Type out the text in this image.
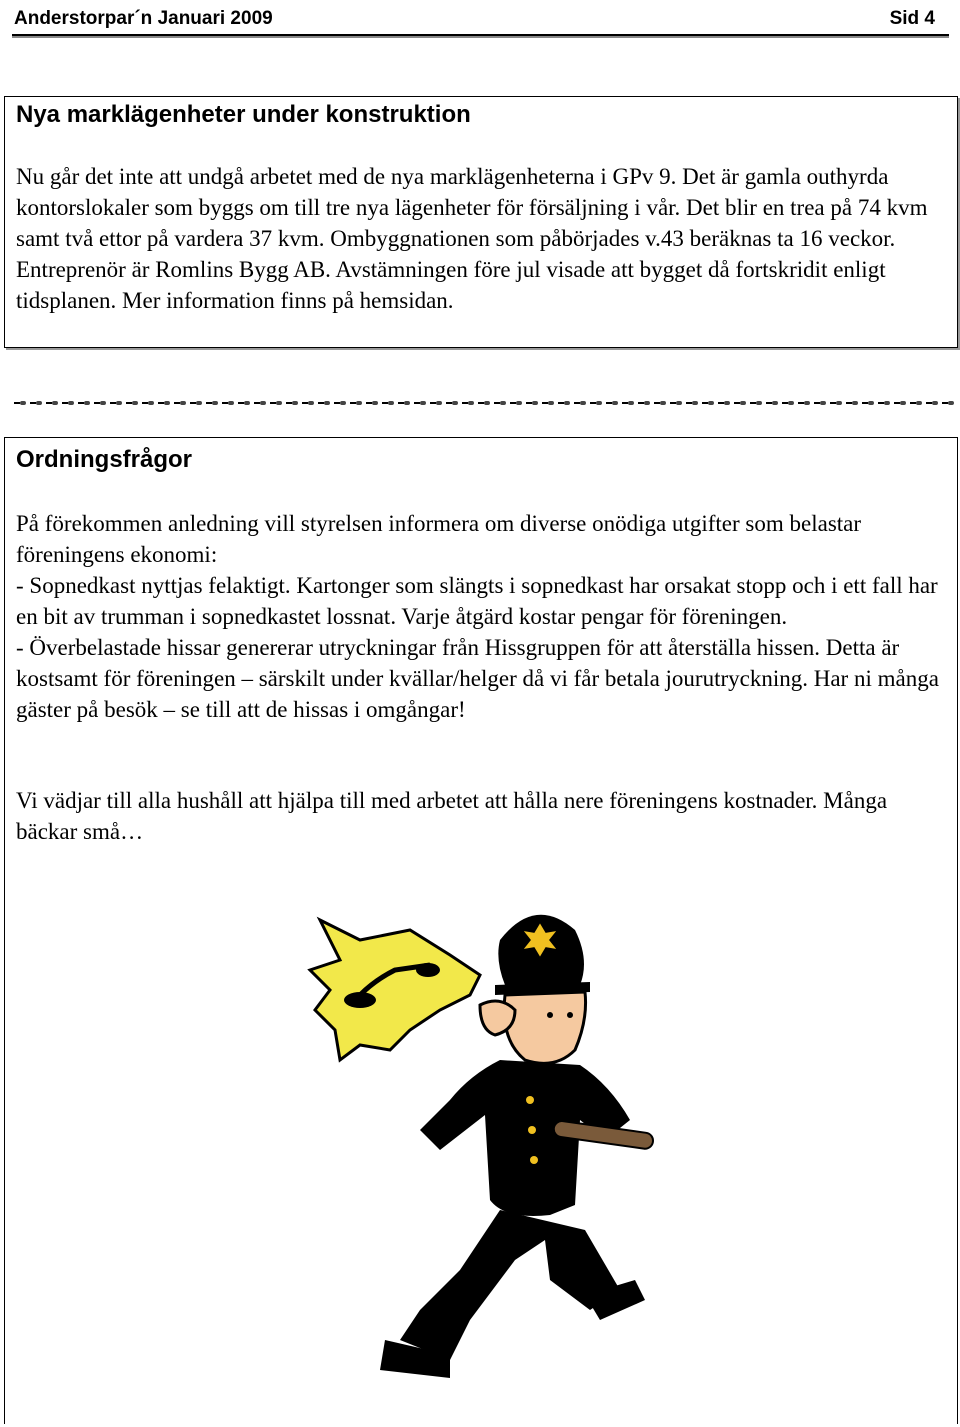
Anderstorpar´n Januari 2009	Sid 4
Nya marklägenheter under konstruktion

Nu går det inte att undgå arbetet med de nya marklägenheterna i GPv 9. Det är gamla outhyrda kontorslokaler som byggs om till tre nya lägenheter för försäljning i vår. Det blir en trea på 74 kvm samt två ettor på vardera 37 kvm. Ombyggnationen som påbörjades v.43 beräknas ta 16 veckor. Entreprenör är Romlins Bygg AB. Avstämningen före jul visade att bygget då fortskridit enligt tidsplanen. Mer information finns på hemsidan.

Ordningsfrågor

På förekommen anledning vill styrelsen informera om diverse onödiga utgifter som belastar föreningens ekonomi:

- Sopnedkast nyttjas felaktigt. Kartonger som slängts i sopnedkast har orsakat stopp och i ett fall har en bit av trumman i sopnedkastet lossnat. Varje åtgärd kostar pengar för föreningen.

- Överbelastade hissar genererar utryckningar från Hissgruppen för att återställa hissen. Detta är kostsamt för föreningen – särskilt under kvällar/helger då vi får betala jourutryckning. Har ni många gäster på besök – se till att de hissas i omgångar!

Vi vädjar till alla hushåll att hjälpa till med arbetet att hålla nere föreningens kostnader. Många bäckar små…
